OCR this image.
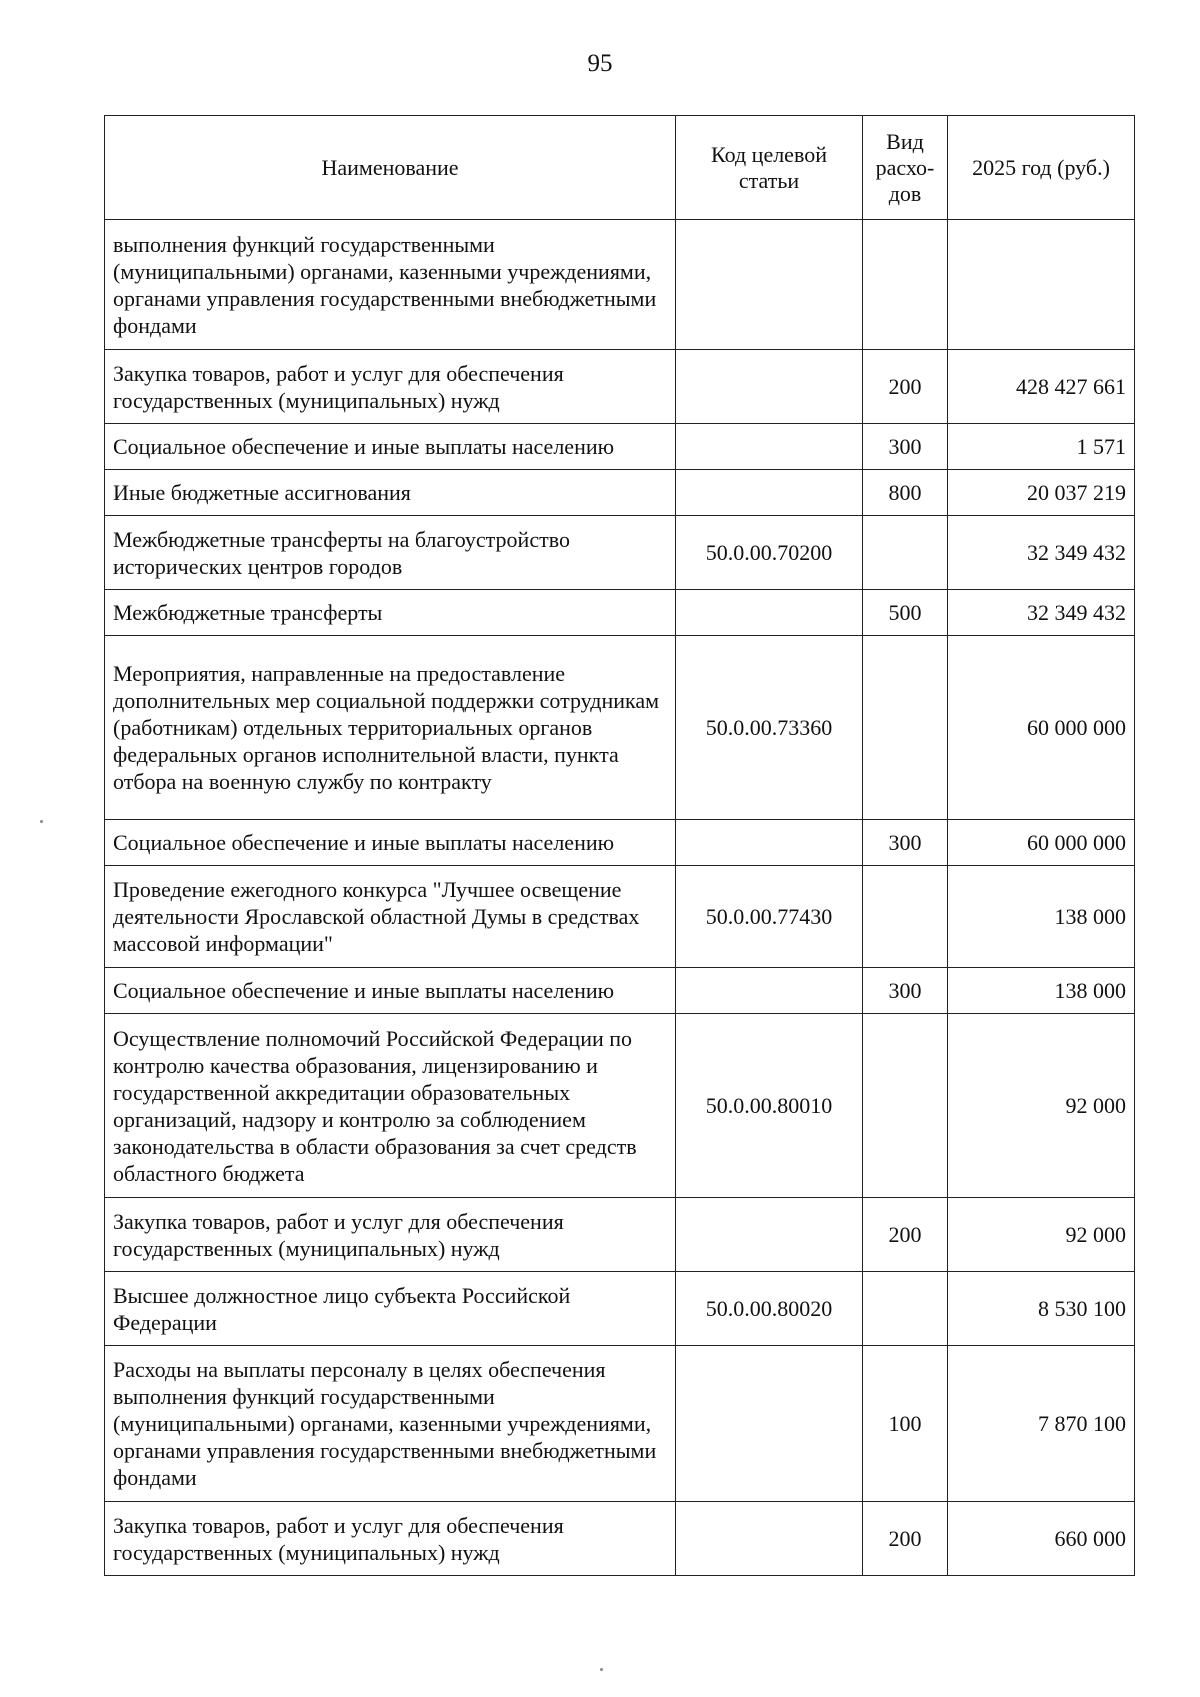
95
Наименование	Код целевой статьи	Вид расхо- дов	2025 год (руб.)
выполнения функций государственными (муниципальными) органами, казенными учреждениями, органами управления государственными внебюджетными фондами			
Закупка товаров, работ и услуг для обеспечения государственных (муниципальных) нужд		200	428 427 661
Социальное обеспечение и иные выплаты населению		300	1 571
Иные бюджетные ассигнования		800	20 037 219
Межбюджетные трансферты на благоустройство исторических центров городов	50.0.00.70200		32 349 432
Межбюджетные трансферты		500	32 349 432
Мероприятия, направленные на предоставление дополнительных мер социальной поддержки сотрудникам (работникам) отдельных территориальных органов федеральных органов исполнительной власти, пункта отбора на военную службу по контракту	50.0.00.73360		60 000 000
Социальное обеспечение и иные выплаты населению		300	60 000 000
Проведение ежегодного конкурса "Лучшее освещение деятельности Ярославской областной Думы в средствах массовой информации"	50.0.00.77430		138 000
Социальное обеспечение и иные выплаты населению		300	138 000
Осуществление полномочий Российской Федерации по контролю качества образования, лицензированию и государственной аккредитации образовательных организаций, надзору и контролю за соблюдением законодательства в области образования за счет средств областного бюджета	50.0.00.80010		92 000
Закупка товаров, работ и услуг для обеспечения государственных (муниципальных) нужд		200	92 000
Высшее должностное лицо субъекта Российской Федерации	50.0.00.80020		8 530 100
Расходы на выплаты персоналу в целях обеспечения выполнения функций государственными (муниципальными) органами, казенными учреждениями, органами управления государственными внебюджетными фондами		100	7 870 100
Закупка товаров, работ и услуг для обеспечения государственных (муниципальных) нужд		200	660 000
